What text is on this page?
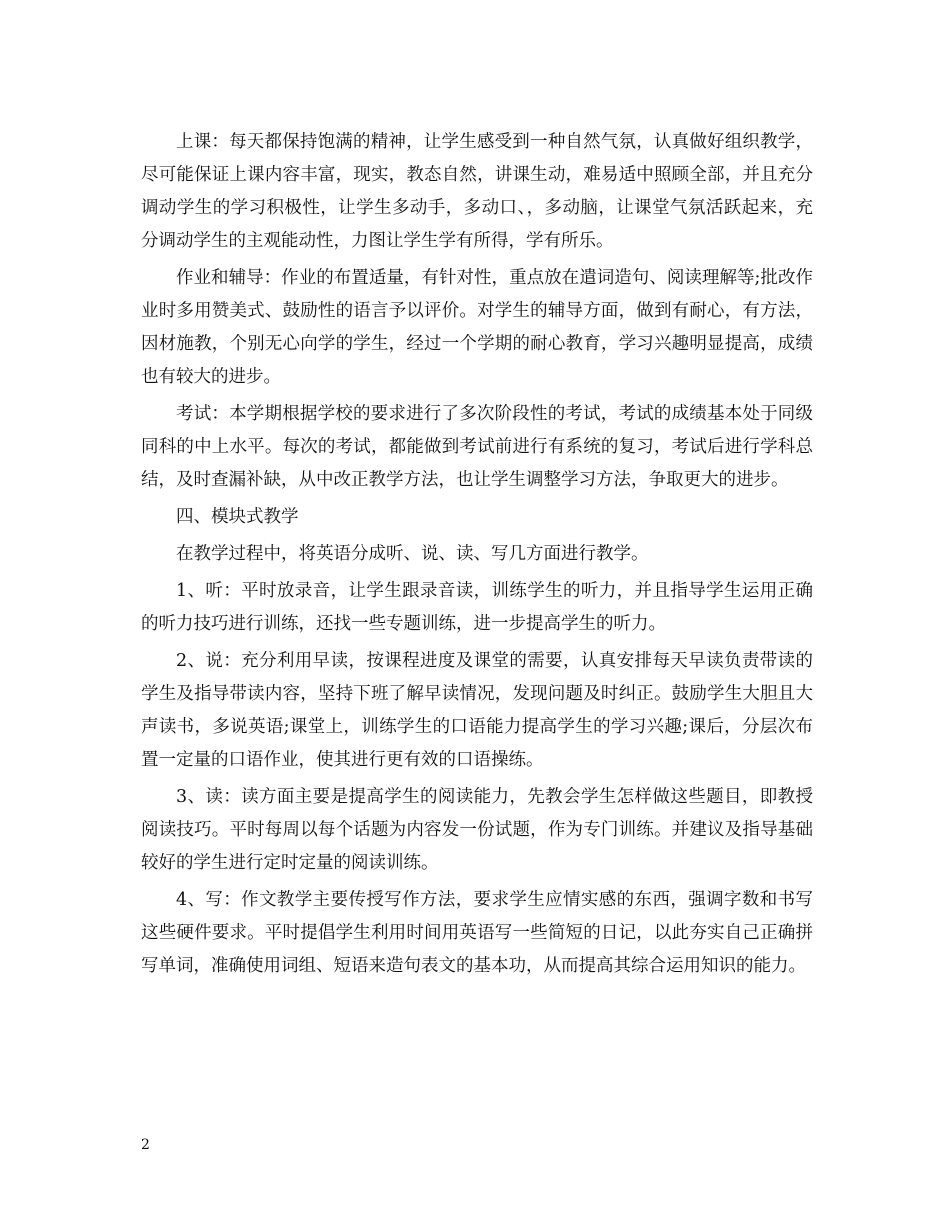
上课：每天都保持饱满的精神，让学生感受到一种自然气氛，认真做好组织教学，尽可能保证上课内容丰富，现实，教态自然，讲课生动，难易适中照顾全部，并且充分调动学生的学习积极性，让学生多动手，多动口、，多动脑，让课堂气氛活跃起来，充分调动学生的主观能动性，力图让学生学有所得，学有所乐。

作业和辅导：作业的布置适量，有针对性，重点放在遣词造句、阅读理解等;批改作业时多用赞美式、鼓励性的语言予以评价。对学生的辅导方面，做到有耐心，有方法，因材施教，个别无心向学的学生，经过一个学期的耐心教育，学习兴趣明显提高，成绩也有较大的进步。

考试：本学期根据学校的要求进行了多次阶段性的考试，考试的成绩基本处于同级同科的中上水平。每次的考试，都能做到考试前进行有系统的复习，考试后进行学科总结，及时查漏补缺，从中改正教学方法，也让学生调整学习方法，争取更大的进步。

四、模块式教学

在教学过程中，将英语分成听、说、读、写几方面进行教学。

1、听：平时放录音，让学生跟录音读，训练学生的听力，并且指导学生运用正确的听力技巧进行训练，还找一些专题训练，进一步提高学生的听力。

2、说：充分利用早读，按课程进度及课堂的需要，认真安排每天早读负责带读的学生及指导带读内容，坚持下班了解早读情况，发现问题及时纠正。鼓励学生大胆且大声读书，多说英语;课堂上，训练学生的口语能力提高学生的学习兴趣;课后，分层次布置一定量的口语作业，使其进行更有效的口语操练。

3、读：读方面主要是提高学生的阅读能力，先教会学生怎样做这些题目，即教授阅读技巧。平时每周以每个话题为内容发一份试题，作为专门训练。并建议及指导基础较好的学生进行定时定量的阅读训练。

4、写：作文教学主要传授写作方法，要求学生应情实感的东西，强调字数和书写这些硬件要求。平时提倡学生利用时间用英语写一些简短的日记，以此夯实自己正确拼写单词，准确使用词组、短语来造句表文的基本功，从而提高其综合运用知识的能力。

2
